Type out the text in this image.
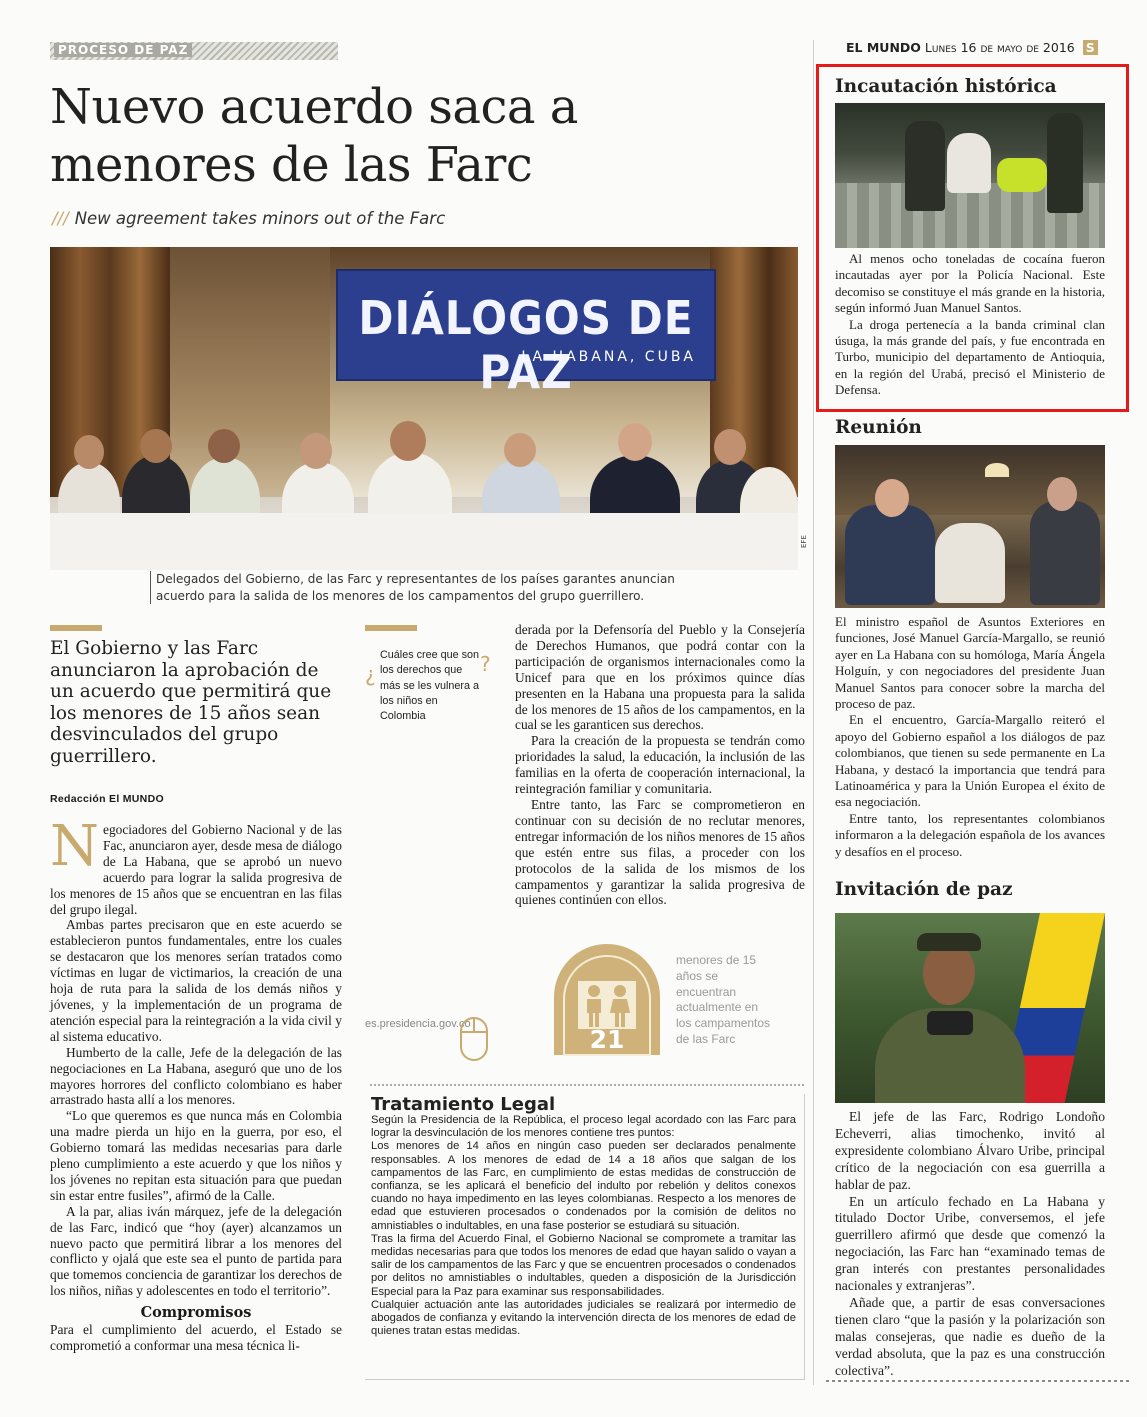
PROCESO DE PAZ	EL MUNDO Lunes 16 de mayo de 2016 S
Nuevo acuerdo saca a menores de las Farc
/// New agreement takes minors out of the Farc
DIÁLOGOS DE PAZ
LA HABANA, CUBA
EFE
Delegados del Gobierno, de las Farc y representantes de los países garantes anuncian acuerdo para la salida de los menores de los campamentos del grupo guerrillero.
El Gobierno y las Farc anunciaron la aprobación de un acuerdo que permitirá que los menores de 15 años sean desvinculados del grupo guerrillero.
Redacción El MUNDO

Negociadores del Gobierno Nacional y de las Fac, anunciaron ayer, desde mesa de diálogo de La Habana, que se aprobó un nuevo acuerdo para lograr la salida progresiva de los menores de 15 años que se encuentran en las filas del grupo ilegal.

Ambas partes precisaron que en este acuerdo se establecieron puntos fundamentales, entre los cuales se destacaron que los menores serían tratados como víctimas en lugar de victimarios, la creación de una hoja de ruta para la salida de los demás niños y jóvenes, y la implementación de un programa de atención especial para la reintegración a la vida civil y al sistema educativo.

Humberto de la calle, Jefe de la delegación de las negociaciones en La Habana, aseguró que uno de los mayores horrores del conflicto colombiano es haber arrastrado hasta allí a los menores.

“Lo que queremos es que nunca más en Colombia una madre pierda un hijo en la guerra, por eso, el Gobierno tomará las medidas necesarias para darle pleno cumplimiento a este acuerdo y que los niños y los jóvenes no repitan esta situación para que puedan sin estar entre fusiles”, afirmó de la Calle.

A la par, alias iván márquez, jefe de la delegación de las Farc, indicó que “hoy (ayer) alcanzamos un nuevo pacto que permitirá librar a los menores del conflicto y ojalá que este sea el punto de partida para que tomemos conciencia de garantizar los derechos de los niños, niñas y adolescentes en todo el territorio”.

Compromisos

Para el cumplimiento del acuerdo, el Estado se comprometió a conformar una mesa técnica li-

¿
Cuáles cree que son los derechos que más se les vulnera a los niños en Colombia
?

derada por la Defensoría del Pueblo y la Consejería de Derechos Humanos, que podrá contar con la participación de organismos internacionales como la Unicef para que en los próximos quince días presenten en la Habana una propuesta para la salida de los menores de 15 años de los campamentos, en la cual se les garanticen sus derechos.

Para la creación de la propuesta se tendrán como prioridades la salud, la educación, la inclusión de las familias en la oferta de cooperación internacional, la reintegración familiar y comunitaria.

Entre tanto, las Farc se comprometieron en continuar con su decisión de no reclutar menores, entregar información de los niños menores de 15 años que estén entre sus filas, a proceder con los protocolos de la salida de los mismos de los campamentos y garantizar la salida progresiva de quienes continúen con ellos.

es.presidencia.gov.co
21
menores de 15 años se encuentran actualmente en los campamentos de las Farc
Tratamiento Legal

Según la Presidencia de la República, el proceso legal acordado con las Farc para lograr la desvinculación de los menores contiene tres puntos:

Los menores de 14 años en ningún caso pueden ser declarados penalmente responsables. A los menores de edad de 14 a 18 años que salgan de los campamentos de las Farc, en cumplimiento de estas medidas de construcción de confianza, se les aplicará el beneficio del indulto por rebelión y delitos conexos cuando no haya impedimento en las leyes colombianas. Respecto a los menores de edad que estuvieren procesados o condenados por la comisión de delitos no amnistiables o indultables, en una fase posterior se estudiará su situación.

Tras la firma del Acuerdo Final, el Gobierno Nacional se compromete a tramitar las medidas necesarias para que todos los menores de edad que hayan salido o vayan a salir de los campamentos de las Farc y que se encuentren procesados o condenados por delitos no amnistiables o indultables, queden a disposición de la Jurisdicción Especial para la Paz para examinar sus responsabilidades.

Cualquier actuación ante las autoridades judiciales se realizará por intermedio de abogados de confianza y evitando la intervención directa de los menores de edad de quienes tratan estas medidas.

Incautación histórica

Al menos ocho toneladas de cocaína fueron incautadas ayer por la Policía Nacional. Este decomiso se constituye el más grande en la historia, según informó Juan Manuel Santos.

La droga pertenecía a la banda criminal clan úsuga, la más grande del país, y fue encontrada en Turbo, municipio del departamento de Antioquia, en la región del Urabá, precisó el Ministerio de Defensa.

Reunión

El ministro español de Asuntos Exteriores en funciones, José Manuel García-Margallo, se reunió ayer en La Habana con su homóloga, María Ángela Holguín, y con negociadores del presidente Juan Manuel Santos para conocer sobre la marcha del proceso de paz.

En el encuentro, García-Margallo reiteró el apoyo del Gobierno español a los diálogos de paz colombianos, que tienen su sede permanente en La Habana, y destacó la importancia que tendrá para Latinoamérica y para la Unión Europea el éxito de esa negociación.

Entre tanto, los representantes colombianos informaron a la delegación española de los avances y desafíos en el proceso.

Invitación de paz

El jefe de las Farc, Rodrigo Londoño Echeverri, alias timochenko, invitó al expresidente colombiano Álvaro Uribe, principal crítico de la negociación con esa guerrilla a hablar de paz.

En un artículo fechado en La Habana y titulado Doctor Uribe, conversemos, el jefe guerrillero afirmó que desde que comenzó la negociación, las Farc han “examinado temas de gran interés con prestantes personalidades nacionales y extranjeras”.

Añade que, a partir de esas conversaciones tienen claro “que la pasión y la polarización son malas consejeras, que nadie es dueño de la verdad absoluta, que la paz es una construcción colectiva”.
